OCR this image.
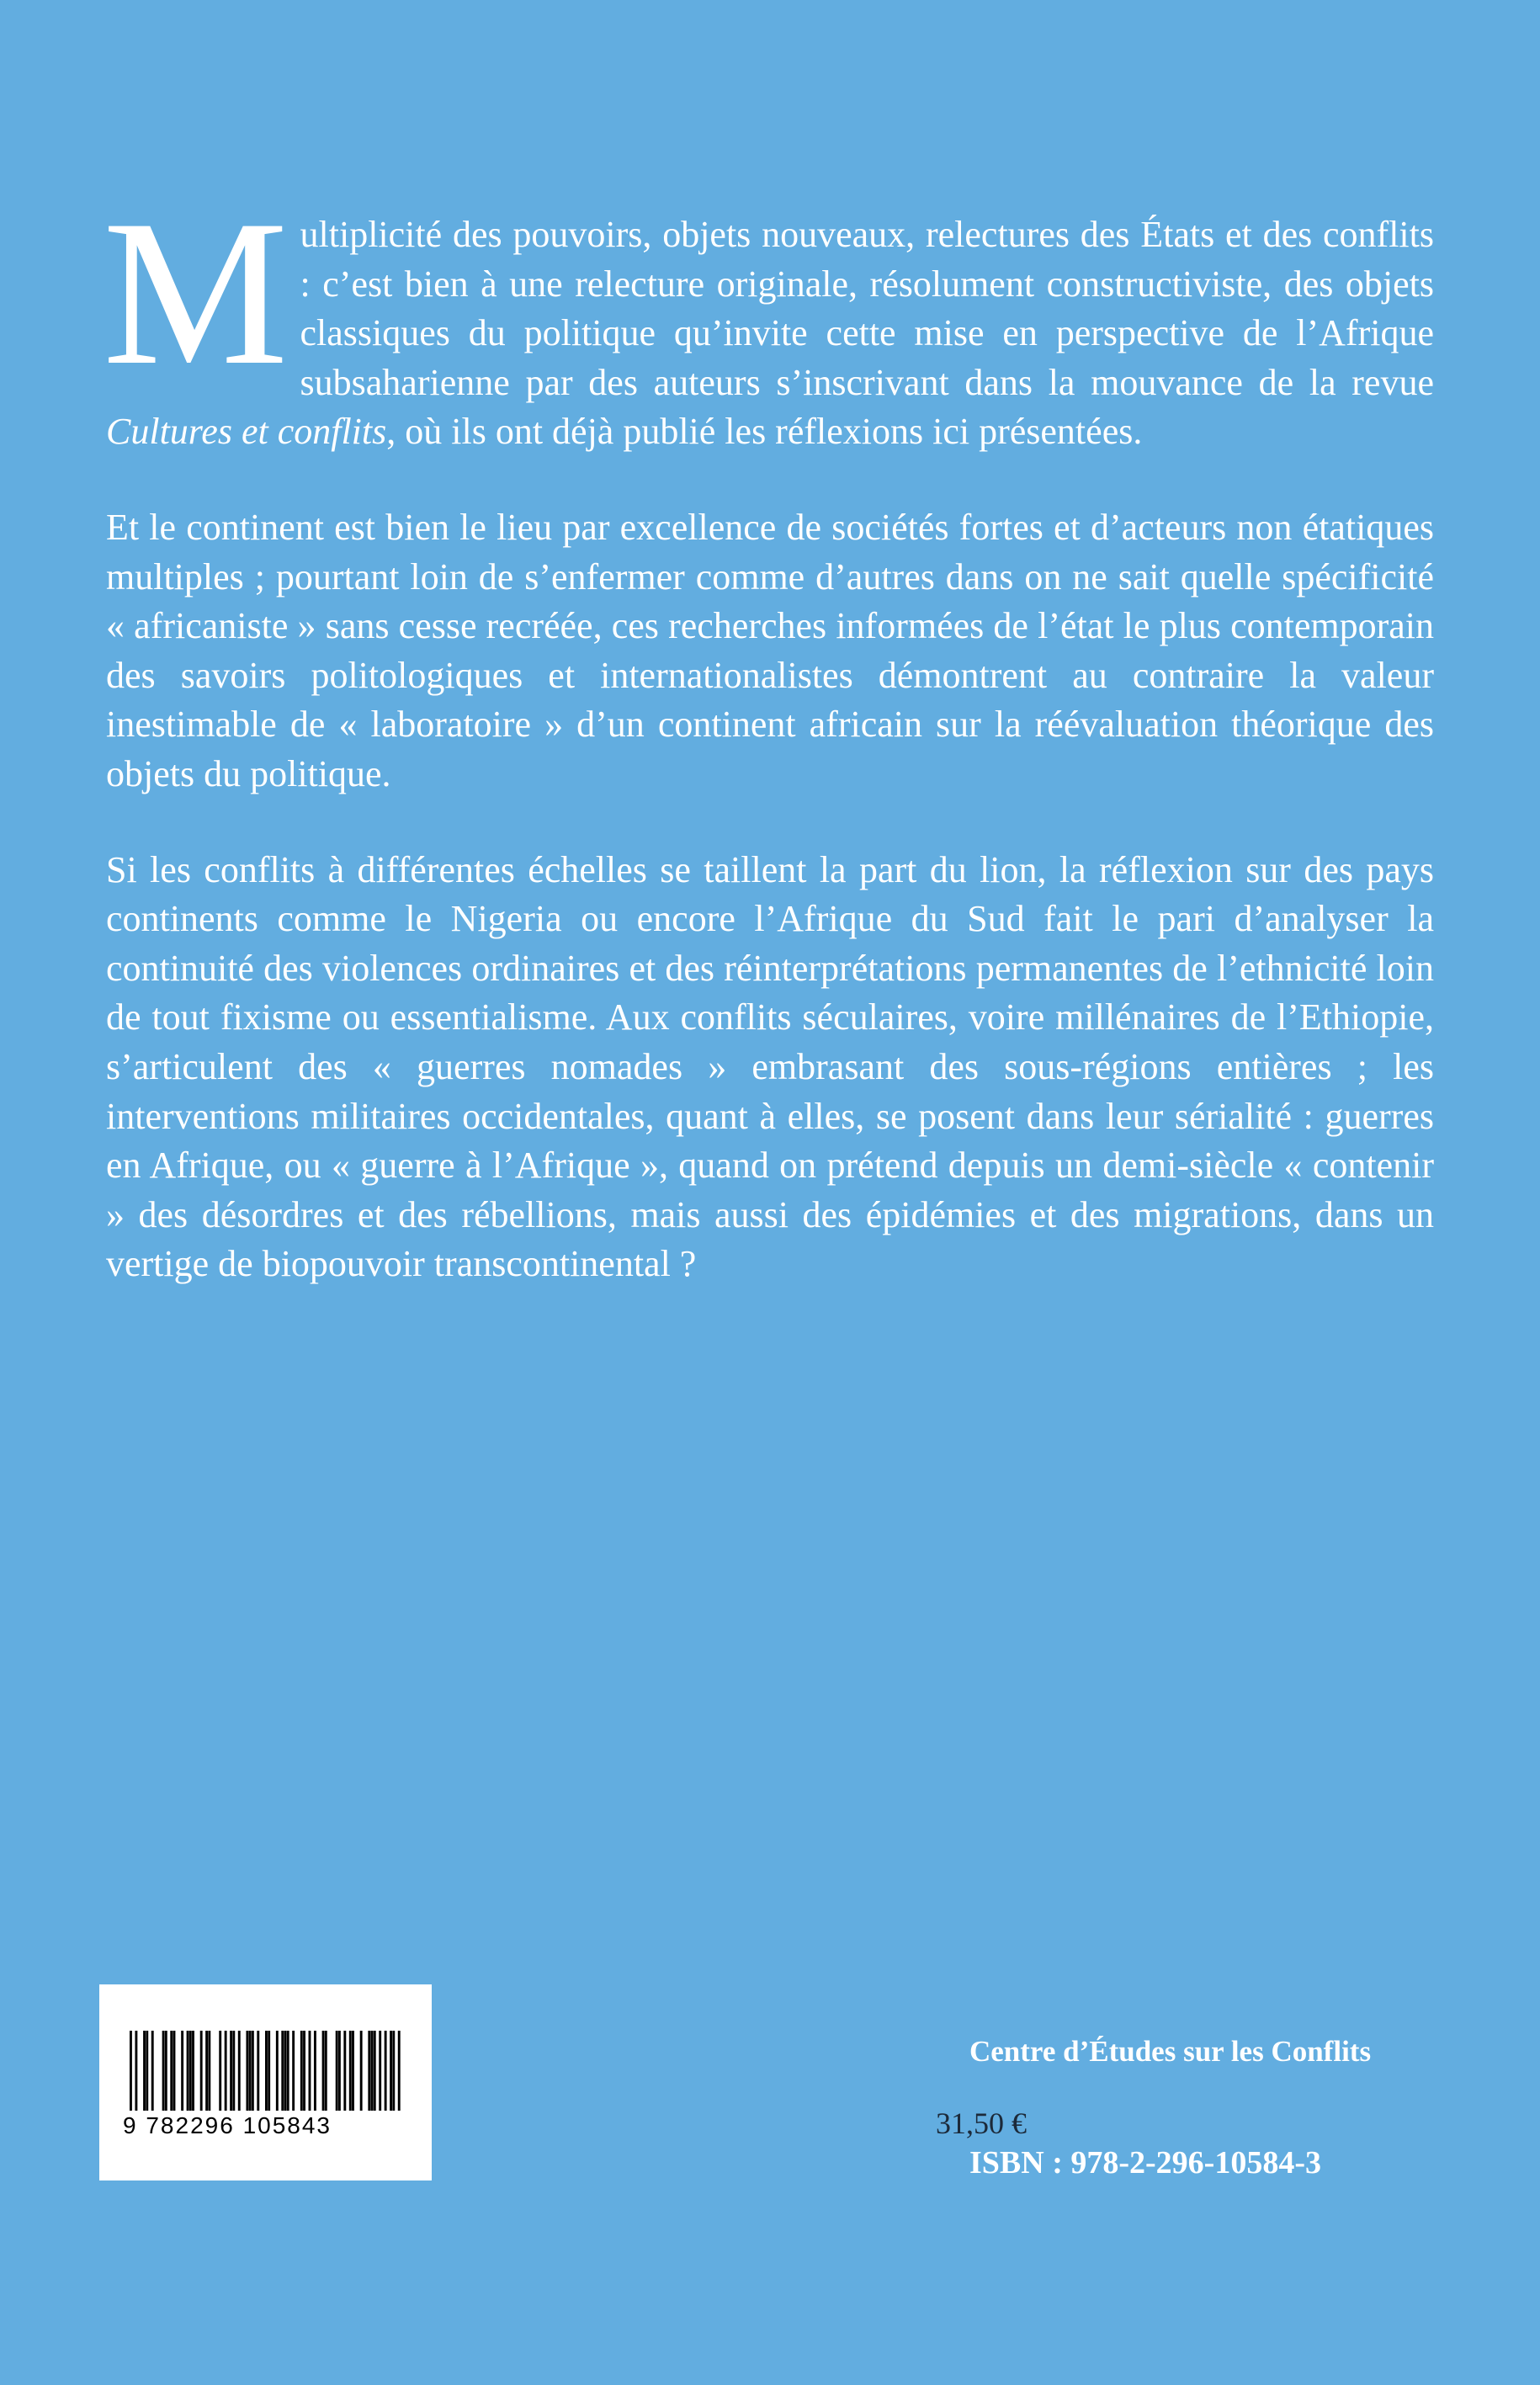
Multiplicité des pouvoirs, objets nouveaux, relectures des États et des conflits : c’est bien à une relecture originale, résolument constructiviste, des objets classiques du politique qu’invite cette mise en perspective de l’Afrique subsaharienne par des auteurs s’inscrivant dans la mouvance de la revue Cultures et conflits, où ils ont déjà publié les réflexions ici présentées.

Et le continent est bien le lieu par excellence de sociétés fortes et d’acteurs non étatiques multiples ; pourtant loin de s’enfermer comme d’autres dans on ne sait quelle spécificité « africaniste » sans cesse recréée, ces recherches informées de l’état le plus contemporain des savoirs politologiques et internationalistes démontrent au contraire la valeur inestimable de « laboratoire » d’un continent africain sur la réévaluation théorique des objets du politique.

Si les conflits à différentes échelles se taillent la part du lion, la réflexion sur des pays continents comme le Nigeria ou encore l’Afrique du Sud fait le pari d’analyser la continuité des violences ordinaires et des réinterprétations permanentes de l’ethnicité loin de tout fixisme ou essentialisme. Aux conflits séculaires, voire millénaires de l’Ethiopie, s’articulent des « guerres nomades » embrasant des sous-régions entières ; les interventions militaires occidentales, quant à elles, se posent dans leur sérialité : guerres en Afrique, ou « guerre à l’Afrique », quand on prétend depuis un demi-siècle « contenir » des désordres et des rébellions, mais aussi des épidémies et des migrations, dans un vertige de biopouvoir transcontinental ?

9 782296 105843
Centre d’Études sur les Conflits
31,50 €
ISBN : 978-2-296-10584-3
